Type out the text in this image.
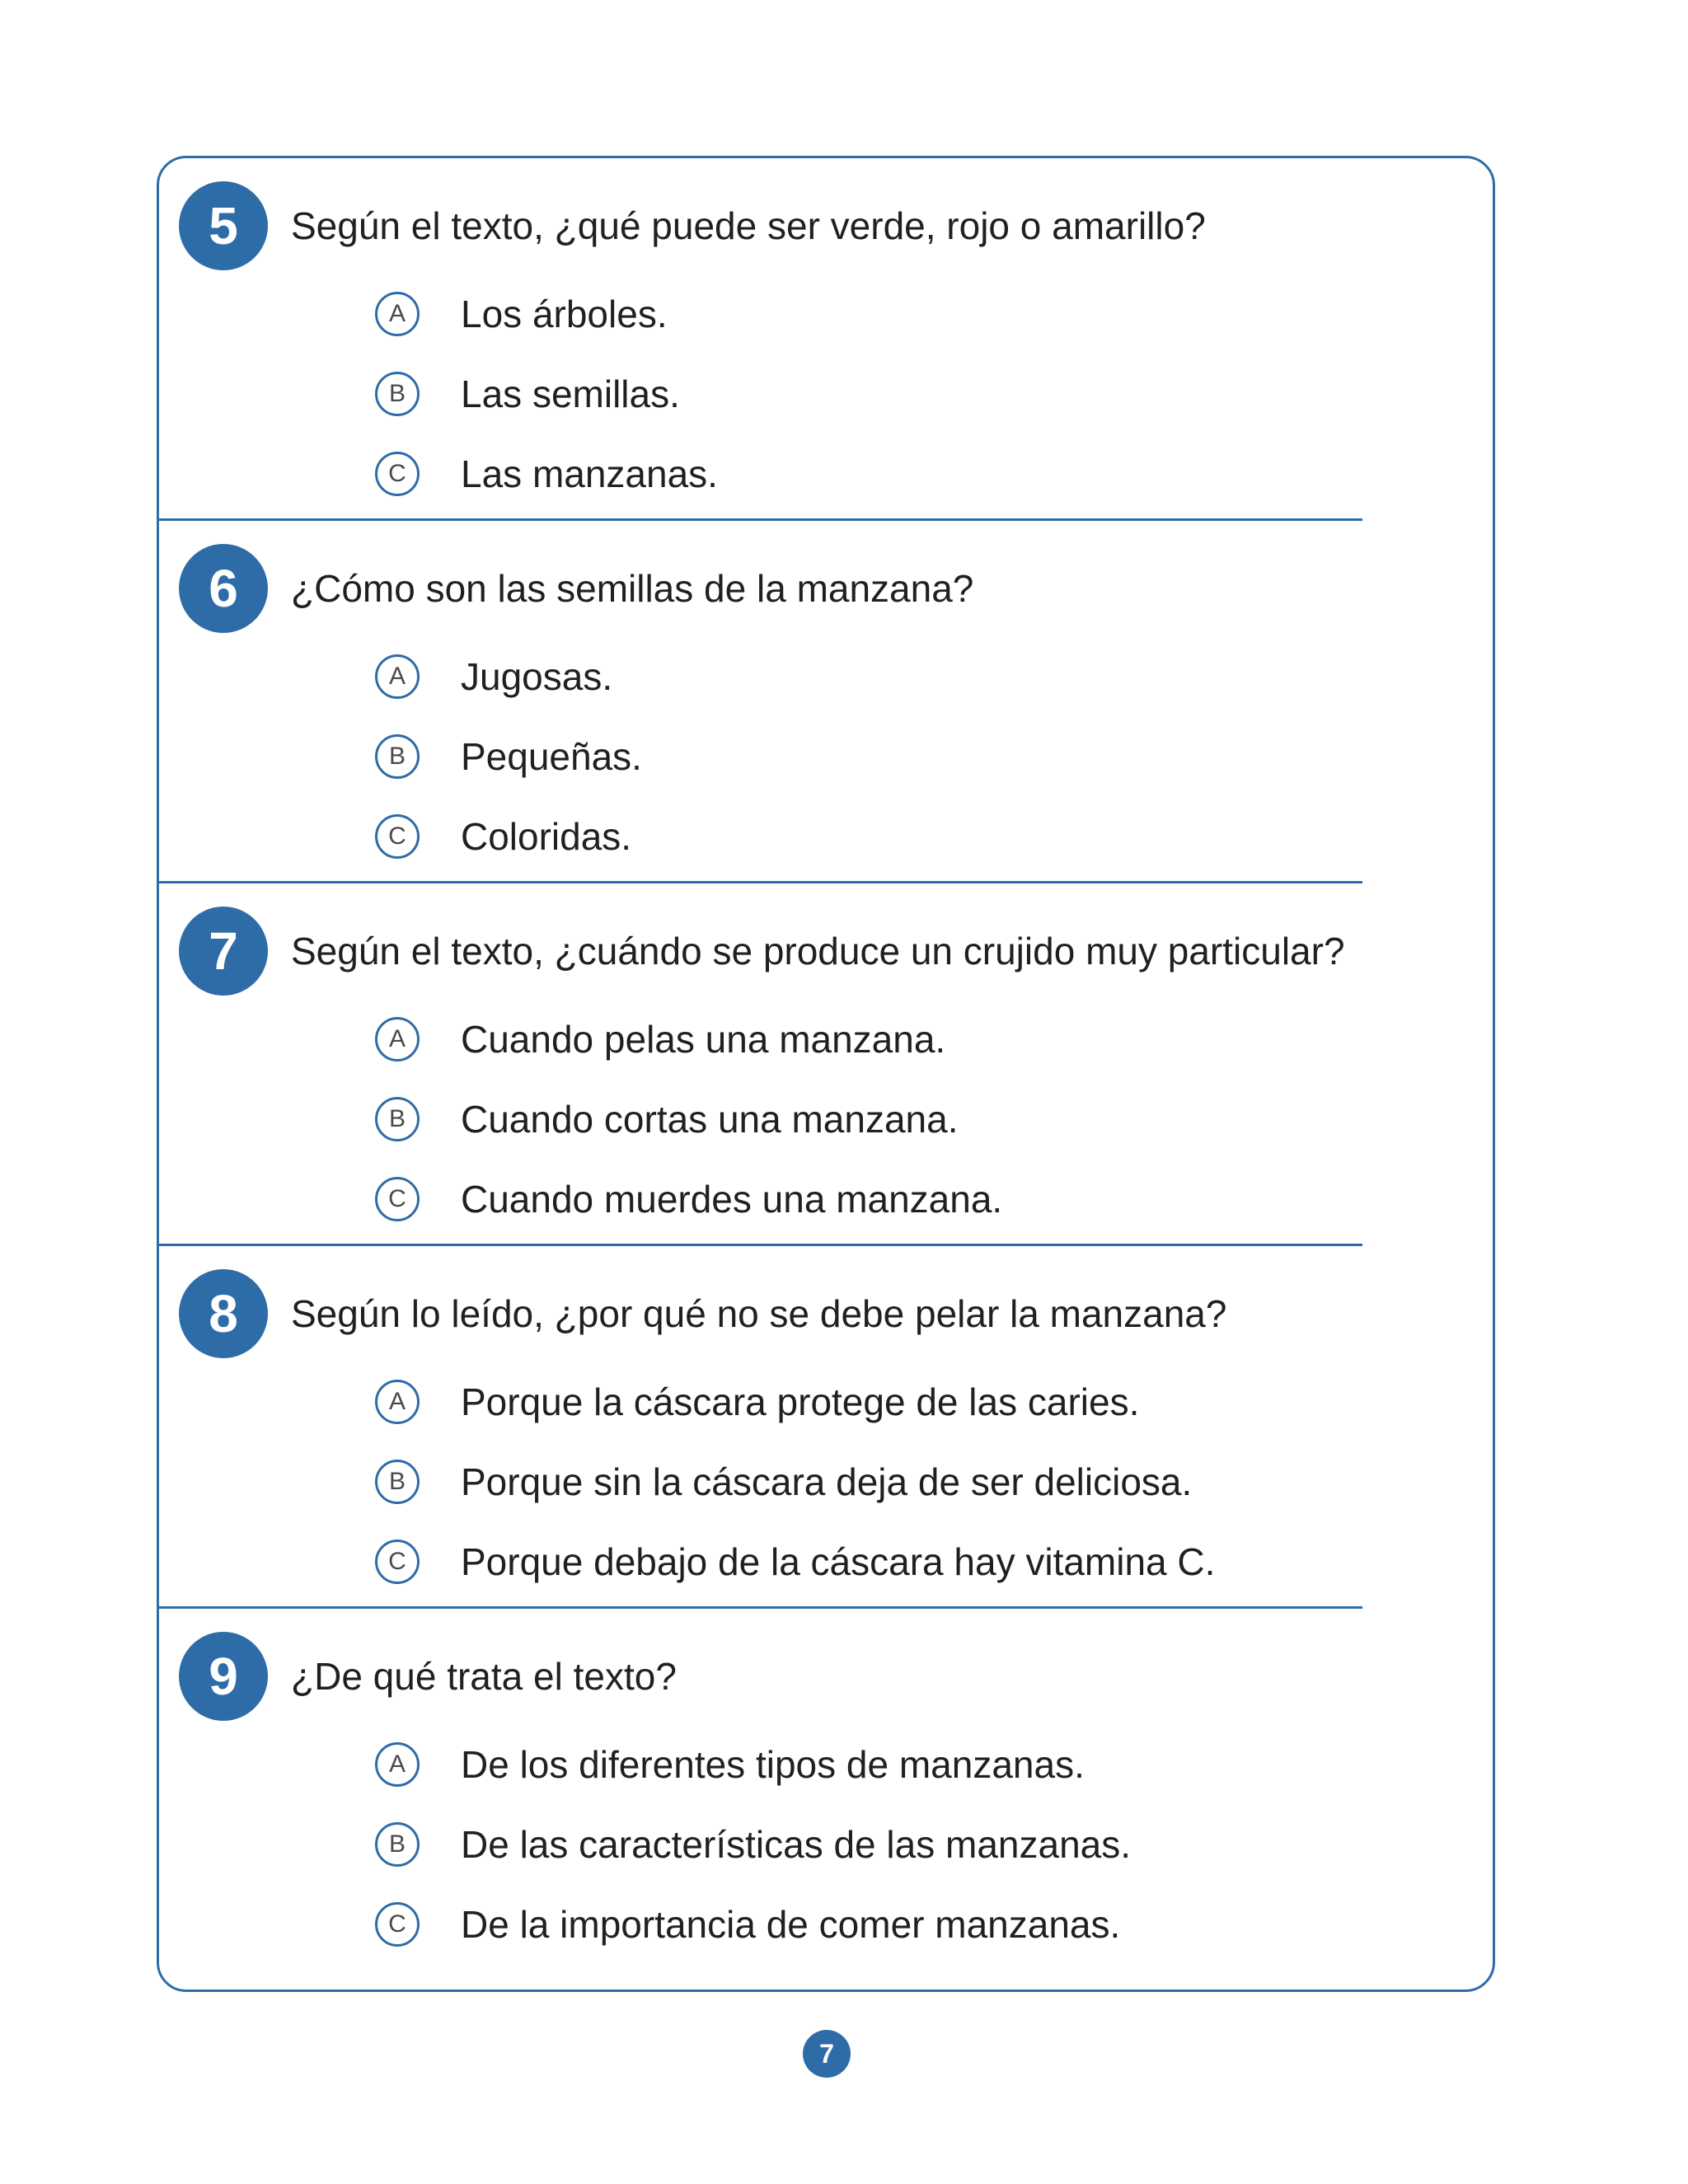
5	Según el texto, ¿qué puede ser verde, rojo o amarillo?
A	Los árboles.
B	Las semillas.
C	Las manzanas.
6	¿Cómo son las semillas de la manzana?
A	Jugosas.
B	Pequeñas.
C	Coloridas.
7	Según el texto, ¿cuándo se produce un crujido muy particular?
A	Cuando pelas una manzana.
B	Cuando cortas una manzana.
C	Cuando muerdes una manzana.
8	Según lo leído, ¿por qué no se debe pelar la manzana?
A	Porque la cáscara protege de las caries.
B	Porque sin la cáscara deja de ser deliciosa.
C	Porque debajo de la cáscara hay vitamina C.
9	¿De qué trata el texto?
A	De los diferentes tipos de manzanas.
B	De las características de las manzanas.
C	De la importancia de comer manzanas.
7
